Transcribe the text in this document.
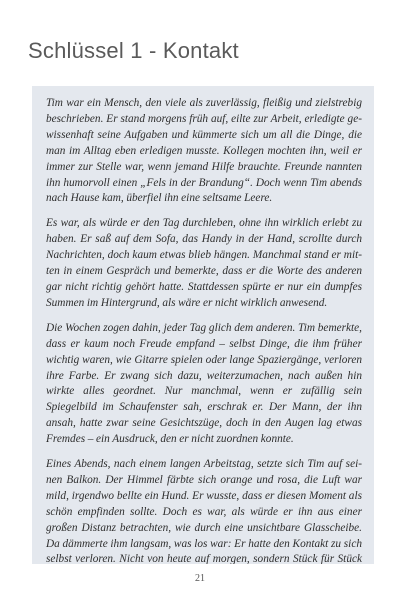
Schlüssel 1 - Kontakt

Tim war ein Mensch, den viele als zuverlässig, fleißig und zielstrebig beschrieben. Er stand morgens früh auf, eilte zur Arbeit, erledigte gewissenhaft seine Aufgaben und kümmerte sich um all die Dinge, die man im Alltag eben erledigen musste. Kollegen mochten ihn, weil er immer zur Stelle war, wenn jemand Hilfe brauchte. Freunde nannten ihn humorvoll einen „Fels in der Brandung“. Doch wenn Tim abends nach Hause kam, überfiel ihn eine seltsame Leere.

Es war, als würde er den Tag durchleben, ohne ihn wirklich erlebt zu haben. Er saß auf dem Sofa, das Handy in der Hand, scrollte durch Nachrichten, doch kaum etwas blieb hängen. Manchmal stand er mitten in einem Gespräch und bemerkte, dass er die Worte des anderen gar nicht richtig gehört hatte. Stattdessen spürte er nur ein dumpfes Summen im Hintergrund, als wäre er nicht wirklich anwesend.

Die Wochen zogen dahin, jeder Tag glich dem anderen. Tim bemerkte, dass er kaum noch Freude empfand – selbst Dinge, die ihm früher wichtig waren, wie Gitarre spielen oder lange Spaziergänge, verloren ihre Farbe. Er zwang sich dazu, weiterzumachen, nach außen hin wirkte alles geordnet. Nur manchmal, wenn er zufällig sein Spiegelbild im Schaufenster sah, erschrak er. Der Mann, der ihn ansah, hatte zwar seine Gesichtszüge, doch in den Augen lag etwas Fremdes – ein Ausdruck, den er nicht zuordnen konnte.

Eines Abends, nach einem langen Arbeitstag, setzte sich Tim auf seinen Balkon. Der Himmel färbte sich orange und rosa, die Luft war mild, irgendwo bellte ein Hund. Er wusste, dass er diesen Moment als schön empfinden sollte. Doch es war, als würde er ihn aus einer großen Distanz betrachten, wie durch eine unsichtbare Glasscheibe. Da dämmerte ihm langsam, was los war: Er hatte den Kontakt zu sich selbst verloren. Nicht von heute auf morgen, sondern Stück für Stück

21
